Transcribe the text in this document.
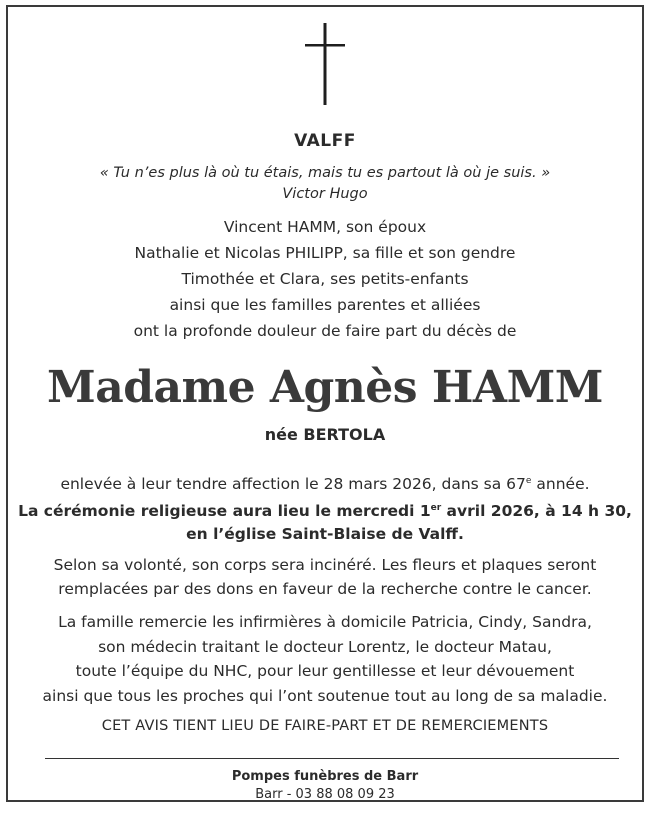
VALFF
« Tu n’es plus là où tu étais, mais tu es partout là où je suis. »
Victor Hugo
Vincent HAMM, son époux
Nathalie et Nicolas PHILIPP, sa fille et son gendre
Timothée et Clara, ses petits-enfants
ainsi que les familles parentes et alliées
ont la profonde douleur de faire part du décès de
Madame Agnès HAMM
née BERTOLA
enlevée à leur tendre affection le 28 mars 2026, dans sa 67e année.
La cérémonie religieuse aura lieu le mercredi 1er avril 2026, à 14 h 30,
en l’église Saint-Blaise de Valff.
Selon sa volonté, son corps sera incinéré. Les fleurs et plaques seront
remplacées par des dons en faveur de la recherche contre le cancer.
La famille remercie les infirmières à domicile Patricia, Cindy, Sandra,
son médecin traitant le docteur Lorentz, le docteur Matau,
toute l’équipe du NHC, pour leur gentillesse et leur dévouement
ainsi que tous les proches qui l’ont soutenue tout au long de sa maladie.
CET AVIS TIENT LIEU DE FAIRE-PART ET DE REMERCIEMENTS
Pompes funèbres de Barr
Barr - 03 88 08 09 23
